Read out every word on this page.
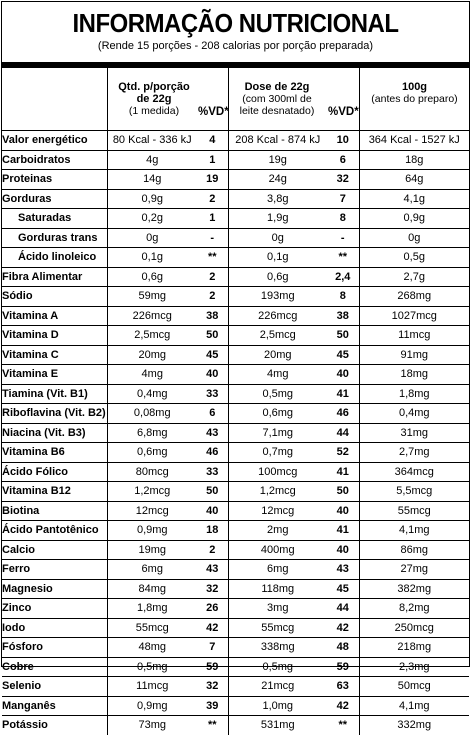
INFORMAÇÃO NUTRICIONAL
(Rende 15 porções - 208 calorias por porção preparada)
Qtd. p/porção
de 22g
(1 medida)	%VD*
Dose de 22g
(com 300ml de
leite desnatado)	%VD*
100g
(antes do preparo)
Valor energético	80 Kcal - 336 kJ	4	208 Kcal - 874 kJ	10	364 Kcal - 1527 kJ
Carboidratos	4g	1	19g	6	18g
Proteinas	14g	19	24g	32	64g
Gorduras	0,9g	2	3,8g	7	4,1g
Saturadas	0,2g	1	1,9g	8	0,9g
Gorduras trans	0g	-	0g	-	0g
Ácido linoleico	0,1g	**	0,1g	**	0,5g
Fibra Alimentar	0,6g	2	0,6g	2,4	2,7g
Sódio	59mg	2	193mg	8	268mg
Vitamina A	226mcg	38	226mcg	38	1027mcg
Vitamina D	2,5mcg	50	2,5mcg	50	11mcg
Vitamina C	20mg	45	20mg	45	91mg
Vitamina E	4mg	40	4mg	40	18mg
Tiamina (Vit. B1)	0,4mg	33	0,5mg	41	1,8mg
Riboflavina (Vit. B2)	0,08mg	6	0,6mg	46	0,4mg
Niacina (Vit. B3)	6,8mg	43	7,1mg	44	31mg
Vitamina B6	0,6mg	46	0,7mg	52	2,7mg
Ácido Fólico	80mcg	33	100mcg	41	364mcg
Vitamina B12	1,2mcg	50	1,2mcg	50	5,5mcg
Biotina	12mcg	40	12mcg	40	55mcg
Ácido Pantotênico	0,9mg	18	2mg	41	4,1mg
Calcio	19mg	2	400mg	40	86mg
Ferro	6mg	43	6mg	43	27mg
Magnesio	84mg	32	118mg	45	382mg
Zinco	1,8mg	26	3mg	44	8,2mg
Iodo	55mcg	42	55mcg	42	250mcg
Fósforo	48mg	7	338mg	48	218mg
Cobre	0,5mg	59	0,5mg	59	2,3mg
Selenio	11mcg	32	21mcg	63	50mcg
Manganês	0,9mg	39	1,0mg	42	4,1mg
Potássio	73mg	**	531mg	**	332mg
